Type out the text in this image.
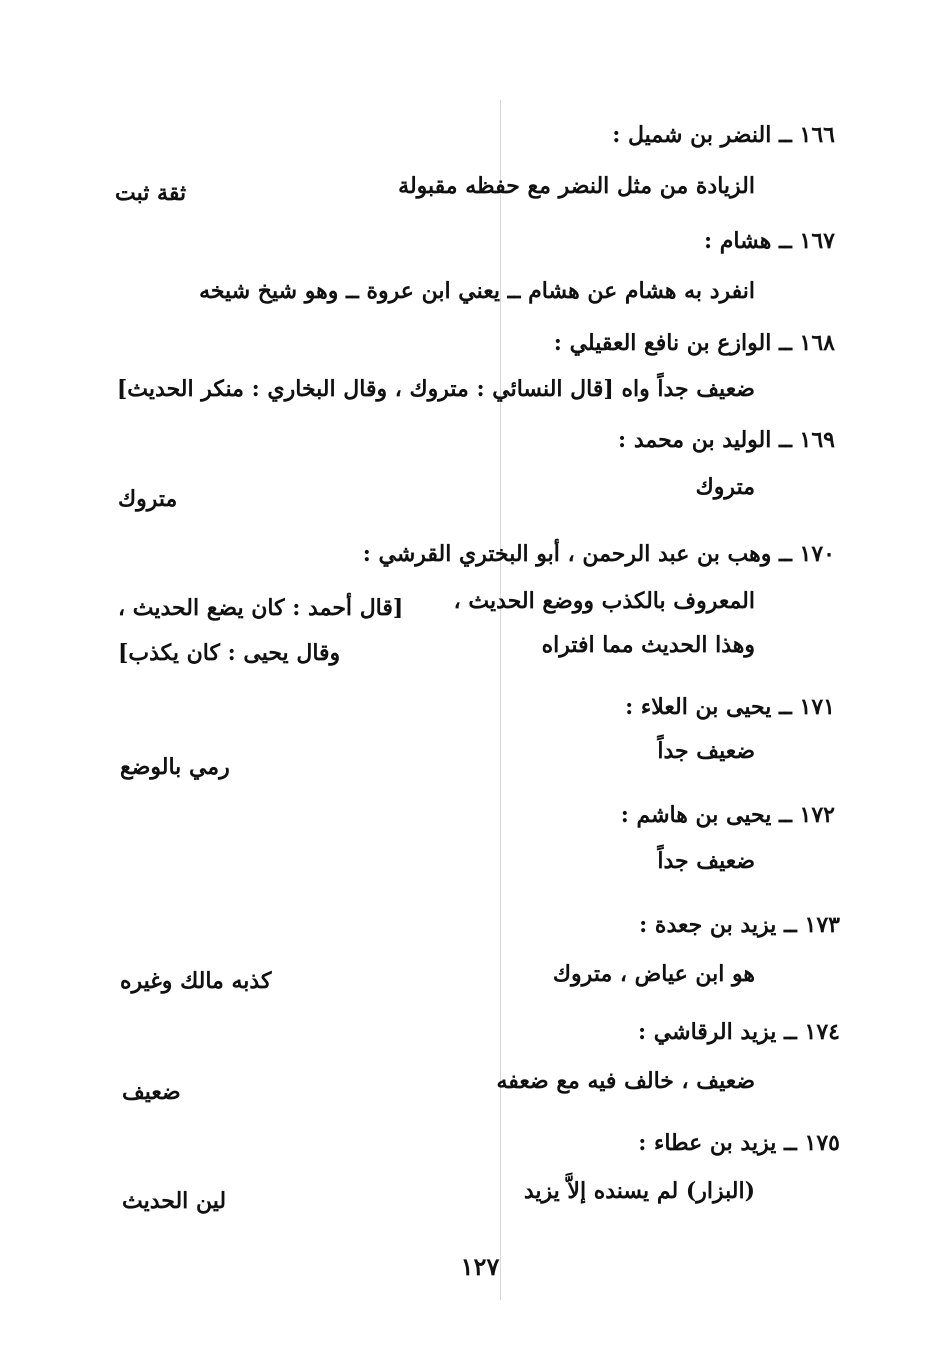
١٦٦ ــ النضر بن شميل :
الزيادة من مثل النضر مع حفظه مقبولة
ثقة ثبت
١٦٧ ــ هشام :
انفرد به هشام عن هشام ــ يعني ابن عروة ــ وهو شيخ شيخه
١٦٨ ــ الوازع بن نافع العقيلي :
ضعيف جداً واه [قال النسائي : متروك ، وقال البخاري : منكر الحديث]
١٦٩ ــ الوليد بن محمد :
متروك
متروك
١٧٠ ــ وهب بن عبد الرحمن ، أبو البختري القرشي :
المعروف بالكذب ووضع الحديث ،
وهذا الحديث مما افتراه
[قال أحمد : كان يضع الحديث ،
وقال يحيى : كان يكذب]
١٧١ ــ يحيى بن العلاء :
ضعيف جداً
رمي بالوضع
١٧٢ ــ يحيى بن هاشم :
ضعيف جداً
١٧٣ ــ يزيد بن جعدة :
هو ابن عياض ، متروك
كذبه مالك وغيره
١٧٤ ــ يزيد الرقاشي :
ضعيف ، خالف فيه مع ضعفه
ضعيف
١٧٥ ــ يزيد بن عطاء :
(البزار) لم يسنده إلاَّ يزيد
لين الحديث
١٢٧
